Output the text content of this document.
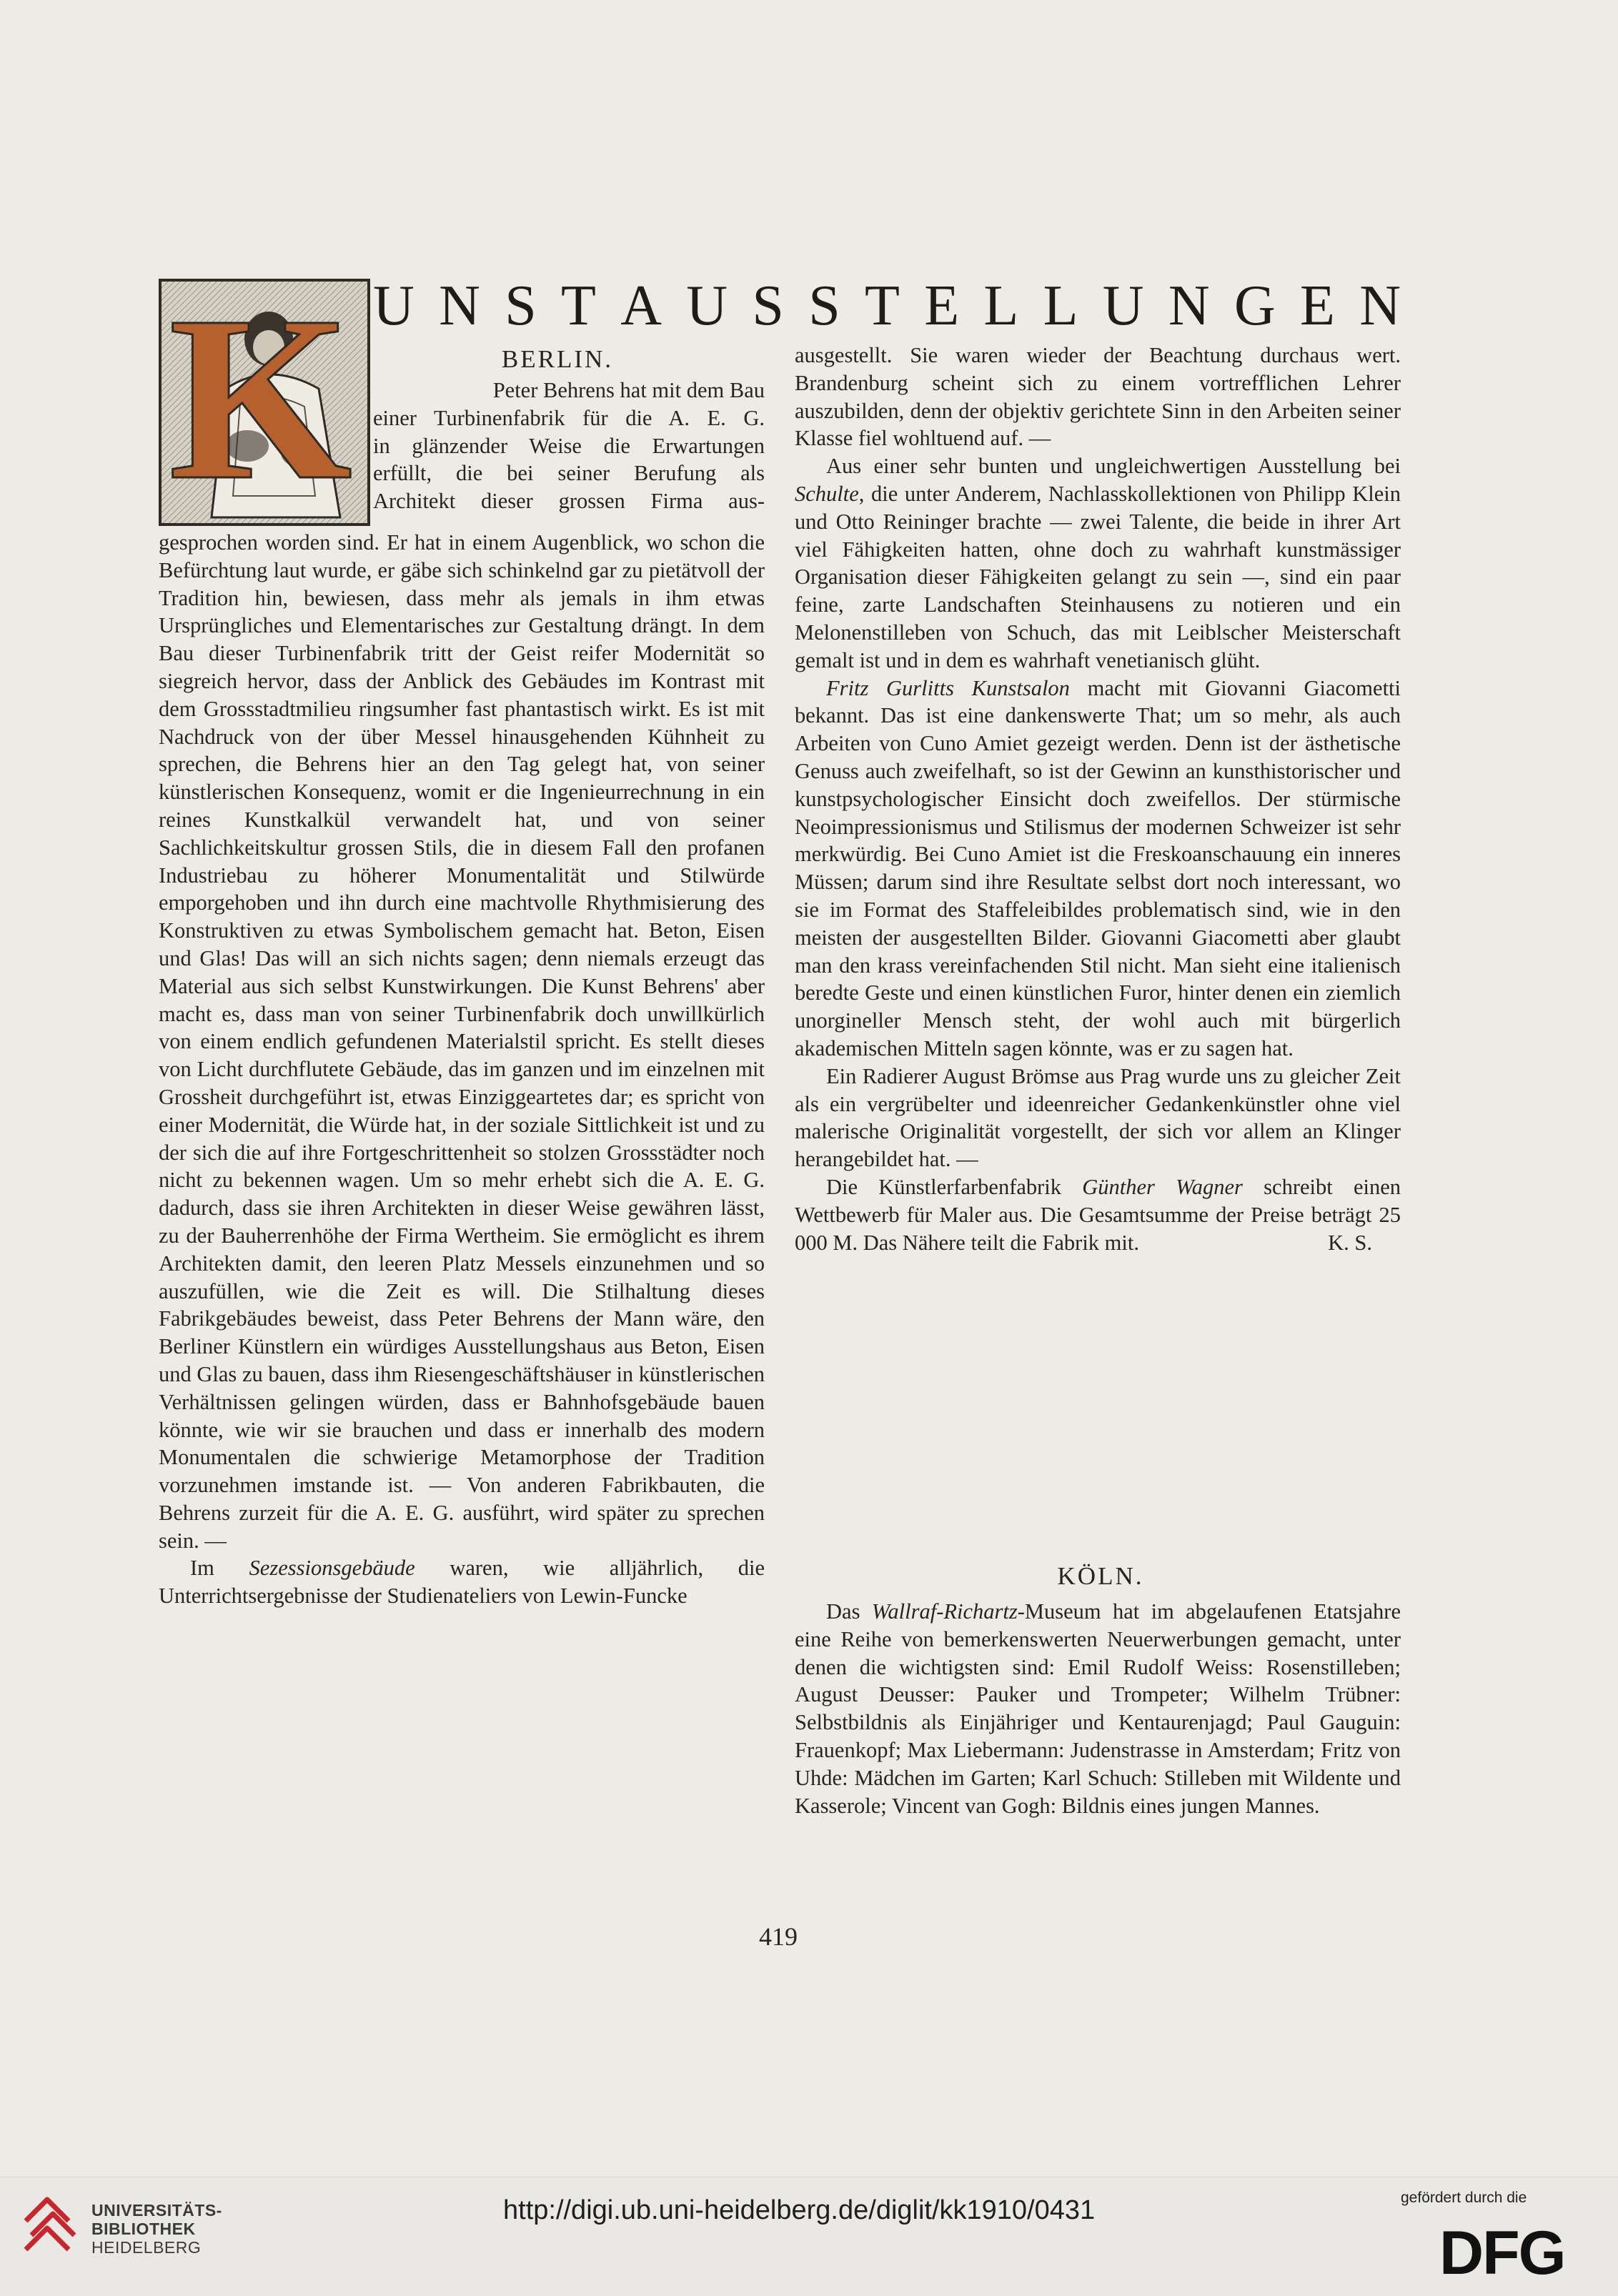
K U N S T A U S S T E L L U N G E N
BERLIN.

Peter Behrens hat mit dem Bau

einer Turbinenfabrik für die A. E. G.

in glänzender Weise die Erwartungen

erfüllt, die bei seiner Berufung als

Architekt dieser grossen Firma aus-

gesprochen worden sind. Er hat in einem Augenblick, wo schon die Befürchtung laut wurde, er gäbe sich schinkelnd gar zu pietätvoll der Tradition hin, bewiesen, dass mehr als jemals in ihm etwas Ursprüngliches und Elementarisches zur Gestaltung drängt. In dem Bau dieser Turbinenfabrik tritt der Geist reifer Modernität so siegreich hervor, dass der Anblick des Gebäudes im Kontrast mit dem Grossstadtmilieu ringsumher fast phantastisch wirkt. Es ist mit Nachdruck von der über Messel hinausgehenden Kühnheit zu sprechen, die Behrens hier an den Tag gelegt hat, von seiner künstlerischen Konsequenz, womit er die Ingenieurrechnung in ein reines Kunstkalkül verwandelt hat, und von seiner Sachlichkeitskultur grossen Stils, die in diesem Fall den profanen Industriebau zu höherer Monumentalität und Stilwürde emporgehoben und ihn durch eine machtvolle Rhythmisierung des Konstruktiven zu etwas Symbolischem gemacht hat. Beton, Eisen und Glas! Das will an sich nichts sagen; denn niemals erzeugt das Material aus sich selbst Kunstwirkungen. Die Kunst Behrens' aber macht es, dass man von seiner Turbinenfabrik doch unwillkürlich von einem endlich gefundenen Materialstil spricht. Es stellt dieses von Licht durchflutete Gebäude, das im ganzen und im einzelnen mit Grossheit durchgeführt ist, etwas Einziggeartetes dar; es spricht von einer Modernität, die Würde hat, in der soziale Sittlichkeit ist und zu der sich die auf ihre Fortgeschrittenheit so stolzen Grossstädter noch nicht zu bekennen wagen. Um so mehr erhebt sich die A. E. G. dadurch, dass sie ihren Architekten in dieser Weise gewähren lässt, zu der Bauherrenhöhe der Firma Wertheim. Sie ermöglicht es ihrem Architekten damit, den leeren Platz Messels einzunehmen und so auszufüllen, wie die Zeit es will. Die Stilhaltung dieses Fabrikgebäudes beweist, dass Peter Behrens der Mann wäre, den Berliner Künstlern ein würdiges Ausstellungshaus aus Beton, Eisen und Glas zu bauen, dass ihm Riesengeschäftshäuser in künstlerischen Verhältnissen gelingen würden, dass er Bahnhofsgebäude bauen könnte, wie wir sie brauchen und dass er innerhalb des modern Monumentalen die schwierige Metamorphose der Tradition vorzunehmen imstande ist. — Von anderen Fabrikbauten, die Behrens zurzeit für die A. E. G. ausführt, wird später zu sprechen sein. —

Im Sezessionsgebäude waren, wie alljährlich, die Unterrichtsergebnisse der Studienateliers von Lewin-Funcke

ausgestellt. Sie waren wieder der Beachtung durchaus wert. Brandenburg scheint sich zu einem vortrefflichen Lehrer auszubilden, denn der objektiv gerichtete Sinn in den Arbeiten seiner Klasse fiel wohltuend auf. —

Aus einer sehr bunten und ungleichwertigen Ausstellung bei Schulte, die unter Anderem, Nachlasskollektionen von Philipp Klein und Otto Reininger brachte — zwei Talente, die beide in ihrer Art viel Fähigkeiten hatten, ohne doch zu wahrhaft kunstmässiger Organisation dieser Fähigkeiten gelangt zu sein —, sind ein paar feine, zarte Landschaften Steinhausens zu notieren und ein Melonenstilleben von Schuch, das mit Leiblscher Meisterschaft gemalt ist und in dem es wahrhaft venetianisch glüht.

Fritz Gurlitts Kunstsalon macht mit Giovanni Giacometti bekannt. Das ist eine dankenswerte That; um so mehr, als auch Arbeiten von Cuno Amiet gezeigt werden. Denn ist der ästhetische Genuss auch zweifelhaft, so ist der Gewinn an kunsthistorischer und kunstpsychologischer Einsicht doch zweifellos. Der stürmische Neoimpressionismus und Stilismus der modernen Schweizer ist sehr merkwürdig. Bei Cuno Amiet ist die Freskoanschauung ein inneres Müssen; darum sind ihre Resultate selbst dort noch interessant, wo sie im Format des Staffeleibildes problematisch sind, wie in den meisten der ausgestellten Bilder. Giovanni Giacometti aber glaubt man den krass vereinfachenden Stil nicht. Man sieht eine italienisch beredte Geste und einen künstlichen Furor, hinter denen ein ziemlich unorgineller Mensch steht, der wohl auch mit bürgerlich akademischen Mitteln sagen könnte, was er zu sagen hat.

Ein Radierer August Brömse aus Prag wurde uns zu gleicher Zeit als ein vergrübelter und ideenreicher Gedankenkünstler ohne viel malerische Originalität vorgestellt, der sich vor allem an Klinger herangebildet hat. —

Die Künstlerfarbenfabrik Günther Wagner schreibt einen Wettbewerb für Maler aus. Die Gesamtsumme der Preise beträgt 25 000 M. Das Nähere teilt die Fabrik mit.	K. S.

KÖLN.

Das Wallraf-Richartz-Museum hat im abgelaufenen Etatsjahre eine Reihe von bemerkenswerten Neuerwerbungen gemacht, unter denen die wichtigsten sind: Emil Rudolf Weiss: Rosenstilleben; August Deusser: Pauker und Trompeter; Wilhelm Trübner: Selbstbildnis als Einjähriger und Kentaurenjagd; Paul Gauguin: Frauenkopf; Max Liebermann: Judenstrasse in Amsterdam; Fritz von Uhde: Mädchen im Garten; Karl Schuch: Stilleben mit Wildente und Kasserole; Vincent van Gogh: Bildnis eines jungen Mannes.

419
UNIVERSITÄTS-
BIBLIOTHEK
HEIDELBERG
http://digi.ub.uni-heidelberg.de/diglit/kk1910/0431	gefördert durch die
DFG
